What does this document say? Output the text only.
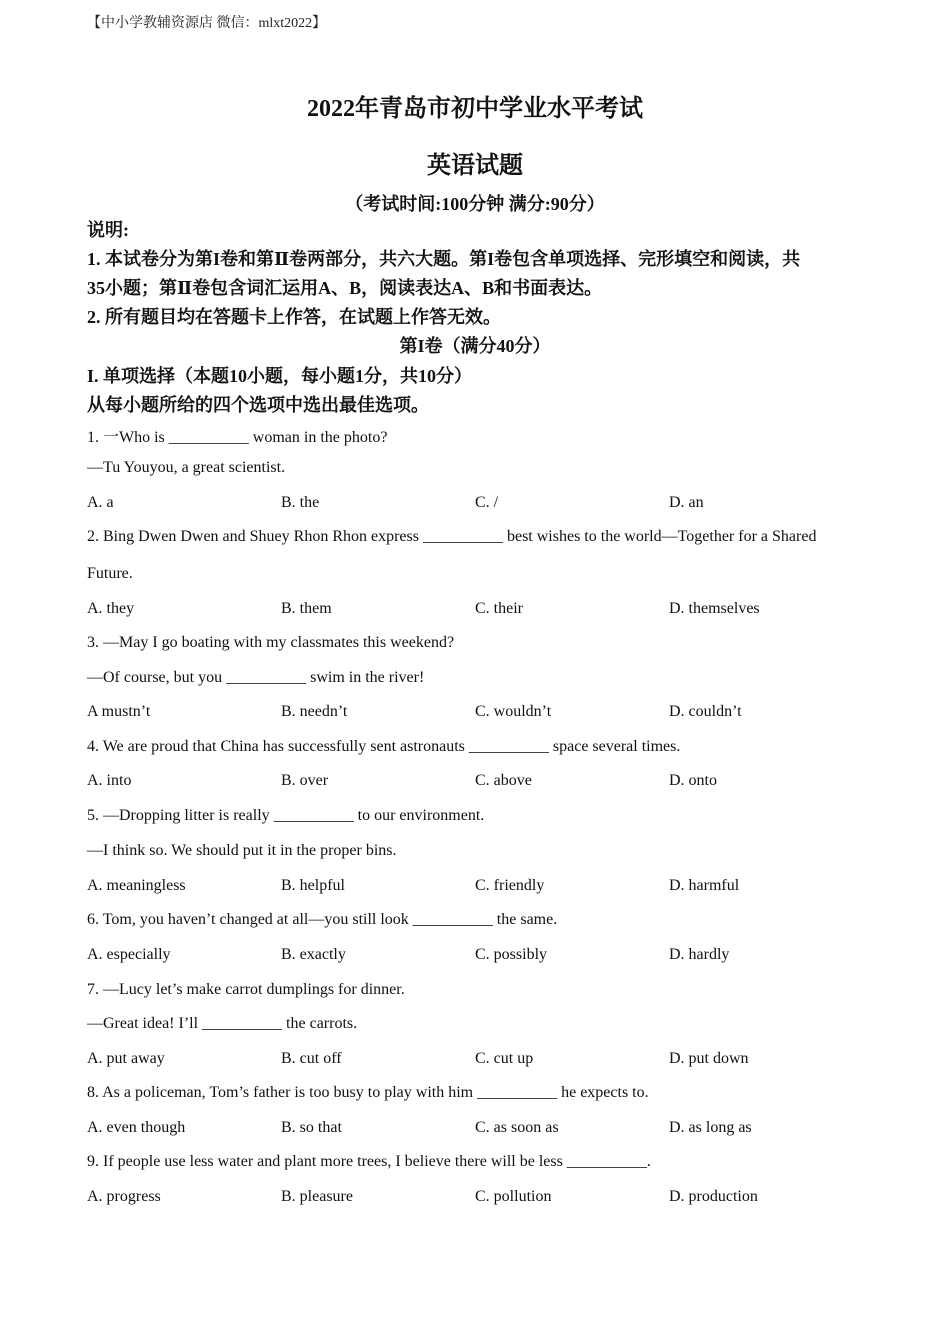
【中小学教辅资源店 微信：mlxt2022】
2022年青岛市初中学业水平考试
英语试题
（考试时间:100分钟 满分:90分）
说明:
1. 本试卷分为第I卷和第Ⅱ卷两部分，共六大题。第I卷包含单项选择、完形填空和阅读，共
35小题；第Ⅱ卷包含词汇运用A、B，阅读表达A、B和书面表达。
2. 所有题目均在答题卡上作答，在试题上作答无效。
第I卷（满分40分）
I. 单项选择（本题10小题，每小题1分，共10分）
从每小题所给的四个选项中选出最佳选项。
1. 一Who is __________ woman in the photo?
—Tu Youyou, a great scientist.
A. a	B. the	C. /	D. an
2. Bing Dwen Dwen and Shuey Rhon Rhon express __________ best wishes to the world—Together for a Shared
Future.
A. they	B. them	C. their	D. themselves
3. —May I go boating with my classmates this weekend?
—Of course, but you __________ swim in the river!
A mustn’t	B. needn’t	C. wouldn’t	D. couldn’t
4. We are proud that China has successfully sent astronauts __________ space several times.
A. into	B. over	C. above	D. onto
5. —Dropping litter is really __________ to our environment.
—I think so. We should put it in the proper bins.
A. meaningless	B. helpful	C. friendly	D. harmful
6. Tom, you haven’t changed at all—you still look __________ the same.
A. especially	B. exactly	C. possibly	D. hardly
7. —Lucy let’s make carrot dumplings for dinner.
—Great idea! I’ll __________ the carrots.
A. put away	B. cut off	C. cut up	D. put down
8. As a policeman, Tom’s father is too busy to play with him __________ he expects to.
A. even though	B. so that	C. as soon as	D. as long as
9. If people use less water and plant more trees, I believe there will be less __________.
A. progress	B. pleasure	C. pollution	D. production
